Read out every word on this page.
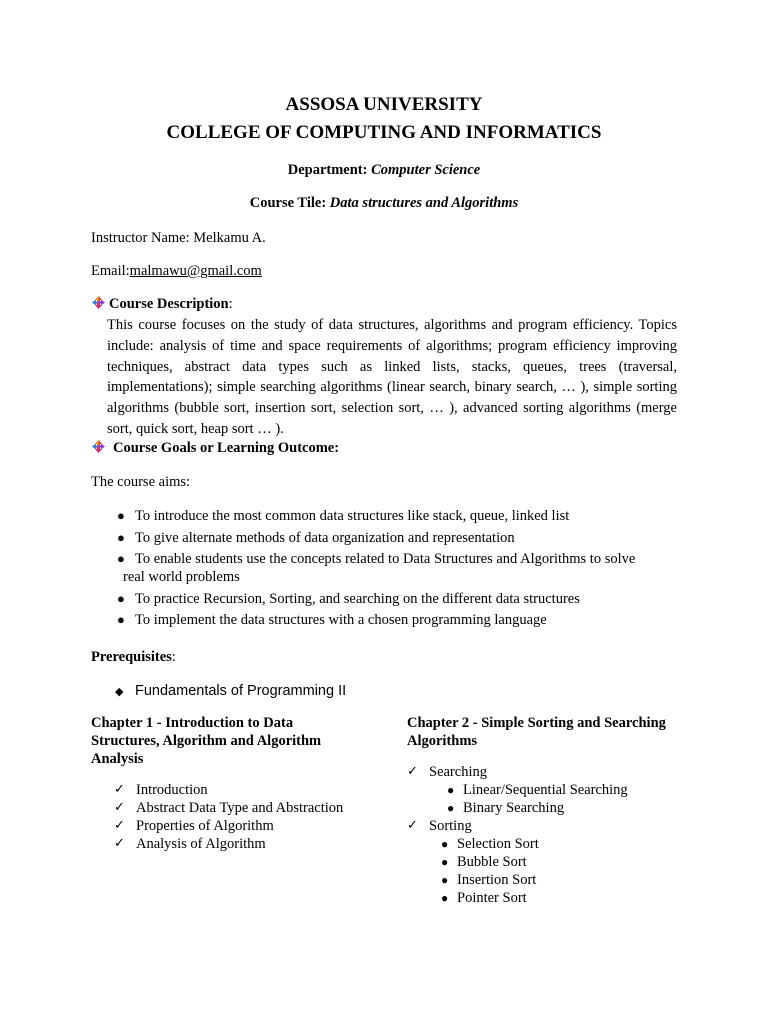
ASSOSA UNIVERSITY
COLLEGE OF COMPUTING AND INFORMATICS
Department: Computer Science
Course Tile: Data structures and Algorithms
Instructor Name: Melkamu A.
Email:malmawu@gmail.com
Course Description:

This course focuses on the study of data structures, algorithms and program efficiency. Topics include: analysis of time and space requirements of algorithms; program efficiency improving techniques, abstract data types such as linked lists, stacks, queues, trees (traversal, implementations); simple searching algorithms (linear search, binary search, … ), simple sorting algorithms (bubble sort, insertion sort, selection sort, … ), advanced sorting algorithms (merge sort, quick sort, heap sort … ).

Course Goals or Learning Outcome:
The course aims:
● To introduce the most common data structures like stack, queue, linked list
● To give alternate methods of data organization and representation
● To enable students use the concepts related to Data Structures and Algorithms to solve
real world problems
● To practice Recursion, Sorting, and searching on the different data structures
● To implement the data structures with a chosen programming language
Prerequisites:
◆ Fundamentals of Programming II
Chapter 1 - Introduction to Data
Structures, Algorithm and Algorithm
Analysis
✓ Introduction
✓ Abstract Data Type and Abstraction
✓ Properties of Algorithm
✓ Analysis of Algorithm
Chapter 2 - Simple Sorting and Searching
Algorithms
✓ Searching
● Linear/Sequential Searching
● Binary Searching
✓ Sorting
● Selection Sort
● Bubble Sort
● Insertion Sort
● Pointer Sort
